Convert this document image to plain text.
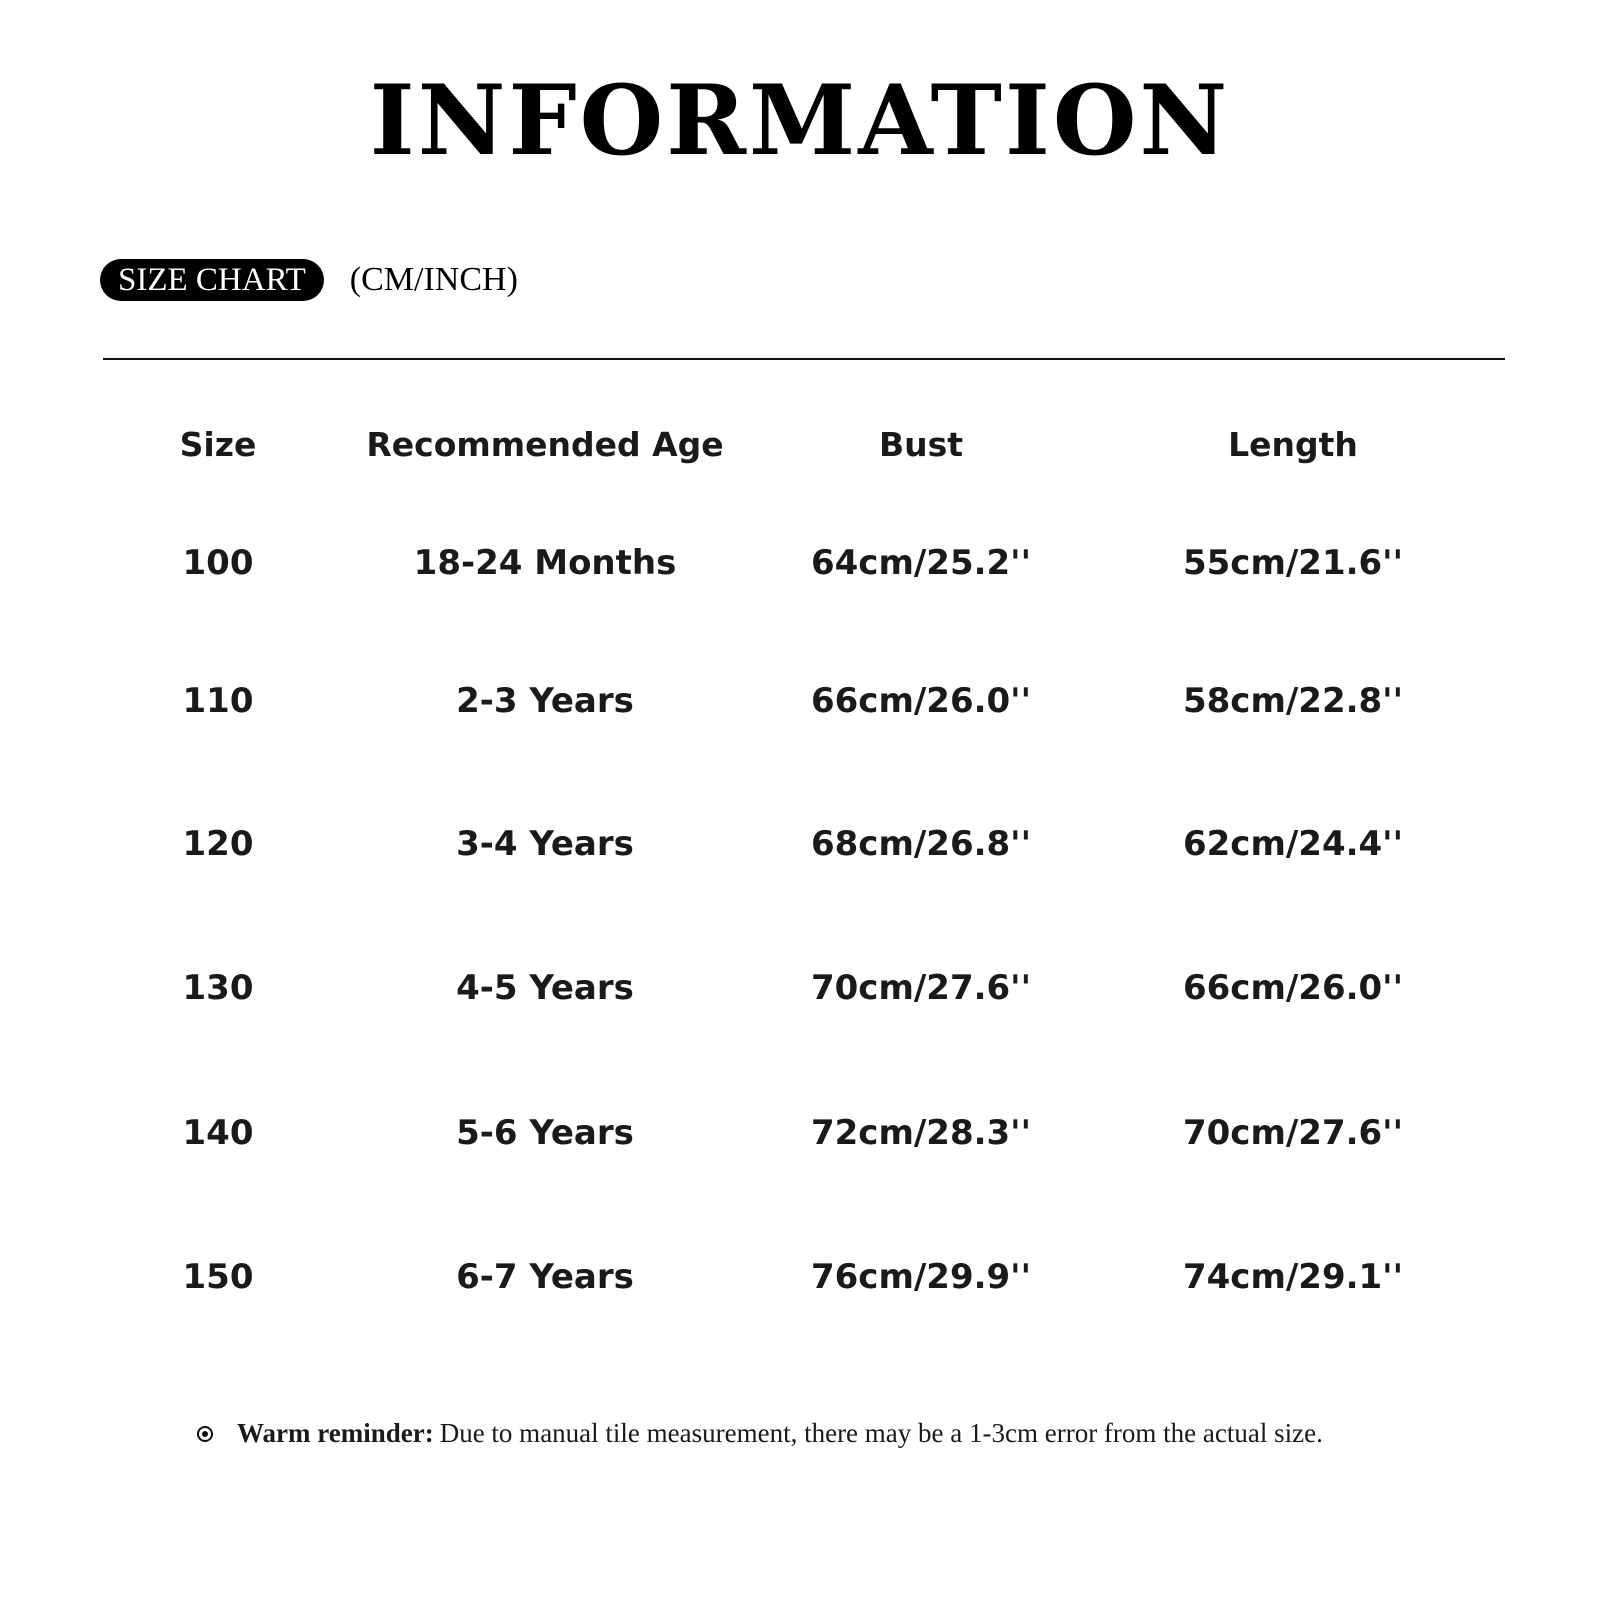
INFORMATION
SIZE CHART	(CM/INCH)
Size	Recommended Age	Bust	Length
100	18-24 Months	64cm/25.2''	55cm/21.6''
110	2-3 Years	66cm/26.0''	58cm/22.8''
120	3-4 Years	68cm/26.8''	62cm/24.4''
130	4-5 Years	70cm/27.6''	66cm/26.0''
140	5-6 Years	72cm/28.3''	70cm/27.6''
150	6-7 Years	76cm/29.9''	74cm/29.1''
Warm reminder: Due to manual tile measurement, there may be a 1-3cm error from the actual size.
